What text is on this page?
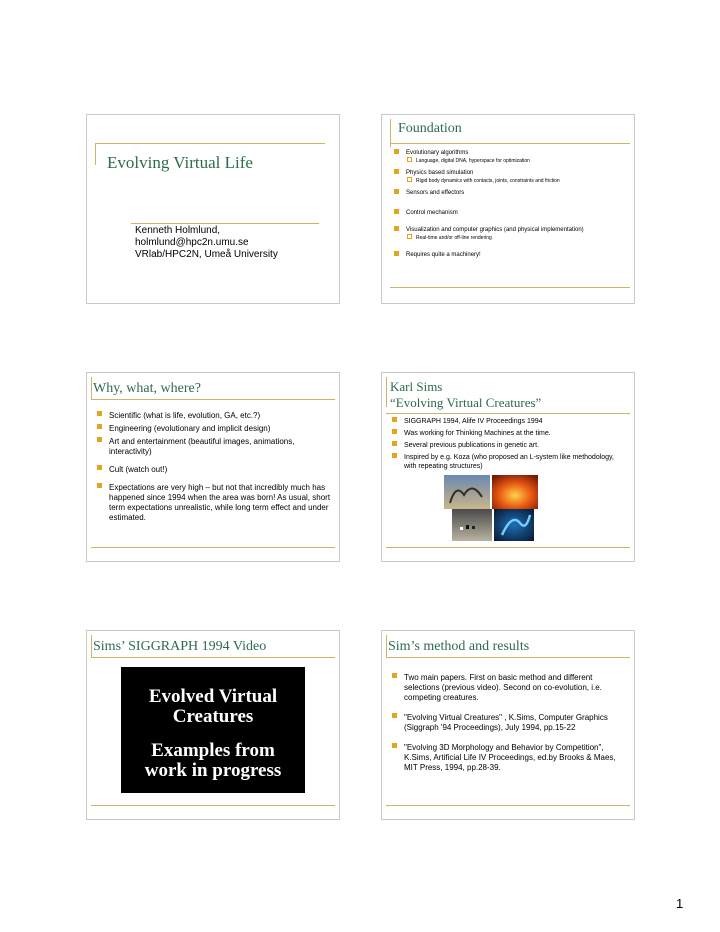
Evolving Virtual Life
Kenneth Holmlund,
holmlund@hpc2n.umu.se
VRlab/HPC2N, Umeå University
Foundation
Evolutionary algorithms
Language, digital DNA, hyperspace for optimization
Physics based simulation
Rigid body dynamics with contacts, joints, constraints and friction
Sensors and effectors
Control mechanism
Visualization and computer graphics (and physical implementation)
Real-time and/or off-line rendering
Requires quite a machinery!
Why, what, where?
Scientific (what is life, evolution, GA, etc.?)
Engineering (evolutionary and implicit design)
Art and entertainment (beautiful images, animations, interactivity)
Cult (watch out!)
Expectations are very high – but not that incredibly much has happened since 1994 when the area was born! As usual, short term expectations unrealistic, while long term effect and under estimated.
Karl Sims
“Evolving Virtual Creatures”
SIGGRAPH 1994, Alife IV Proceedings 1994
Was working for Thinking Machines at the time.
Several previous publications in genetic art.
Inspired by e.g. Koza (who proposed an L-system like methodology, with repeating structures)
Sims’ SIGGRAPH 1994 Video
Evolved Virtual
Creatures
Examples from
work in progress
Sim’s method and results
Two main papers. First on basic method and different selections (previous video). Second on co-evolution, i.e. competing creatures.
"Evolving Virtual Creatures" , K.Sims, Computer Graphics (Siggraph '94 Proceedings), July 1994, pp.15-22
"Evolving 3D Morphology and Behavior by Competition", K.Sims, Artificial Life IV Proceedings, ed.by Brooks & Maes, MIT Press, 1994, pp.28-39.
1
